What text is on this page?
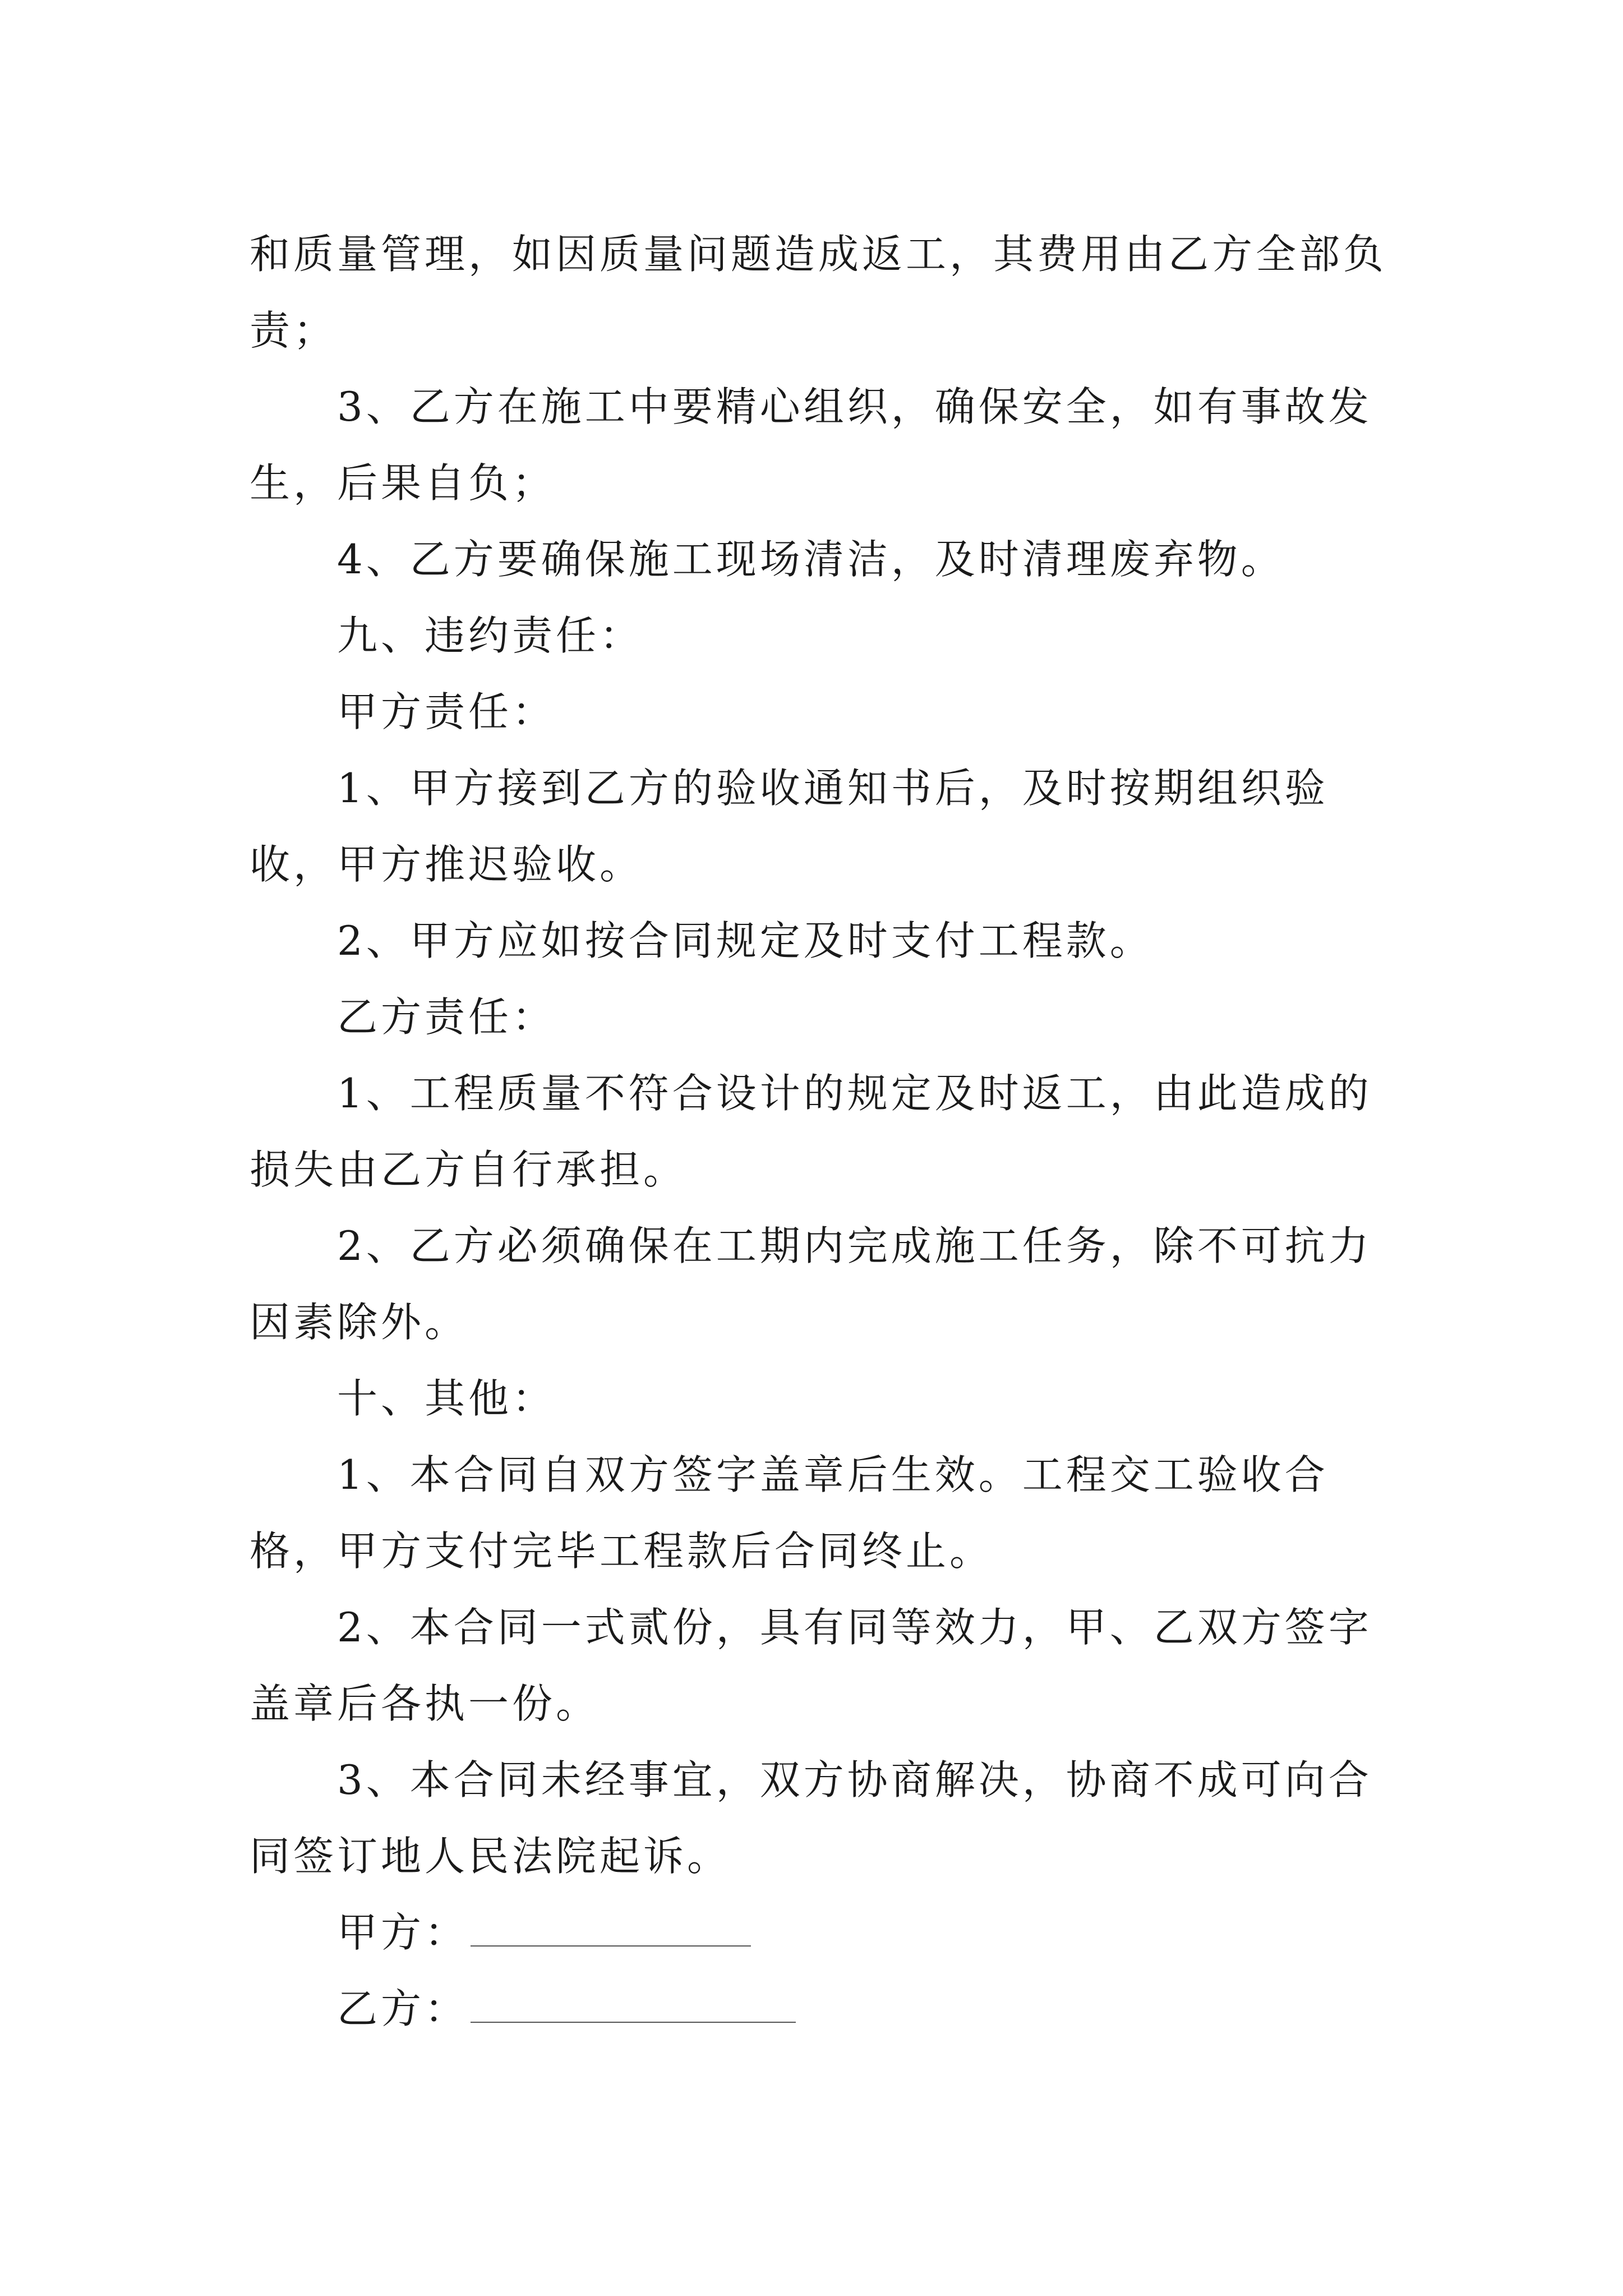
和质量管理，如因质量问题造成返工，其费用由乙方全部负责；

3、乙方在施工中要精心组织，确保安全，如有事故发生，后果自负；

4、乙方要确保施工现场清洁，及时清理废弃物。

九、违约责任：

甲方责任：

1、甲方接到乙方的验收通知书后，及时按期组织验收，甲方推迟验收。

2、甲方应如按合同规定及时支付工程款。

乙方责任：

1、工程质量不符合设计的规定及时返工，由此造成的损失由乙方自行承担。

2、乙方必须确保在工期内完成施工任务，除不可抗力因素除外。

十、其他：

1、本合同自双方签字盖章后生效。工程交工验收合格，甲方支付完毕工程款后合同终止。

2、本合同一式贰份，具有同等效力，甲、乙双方签字盖章后各执一份。

3、本合同未经事宜，双方协商解决，协商不成可向合同签订地人民法院起诉。

甲方：
乙方：
